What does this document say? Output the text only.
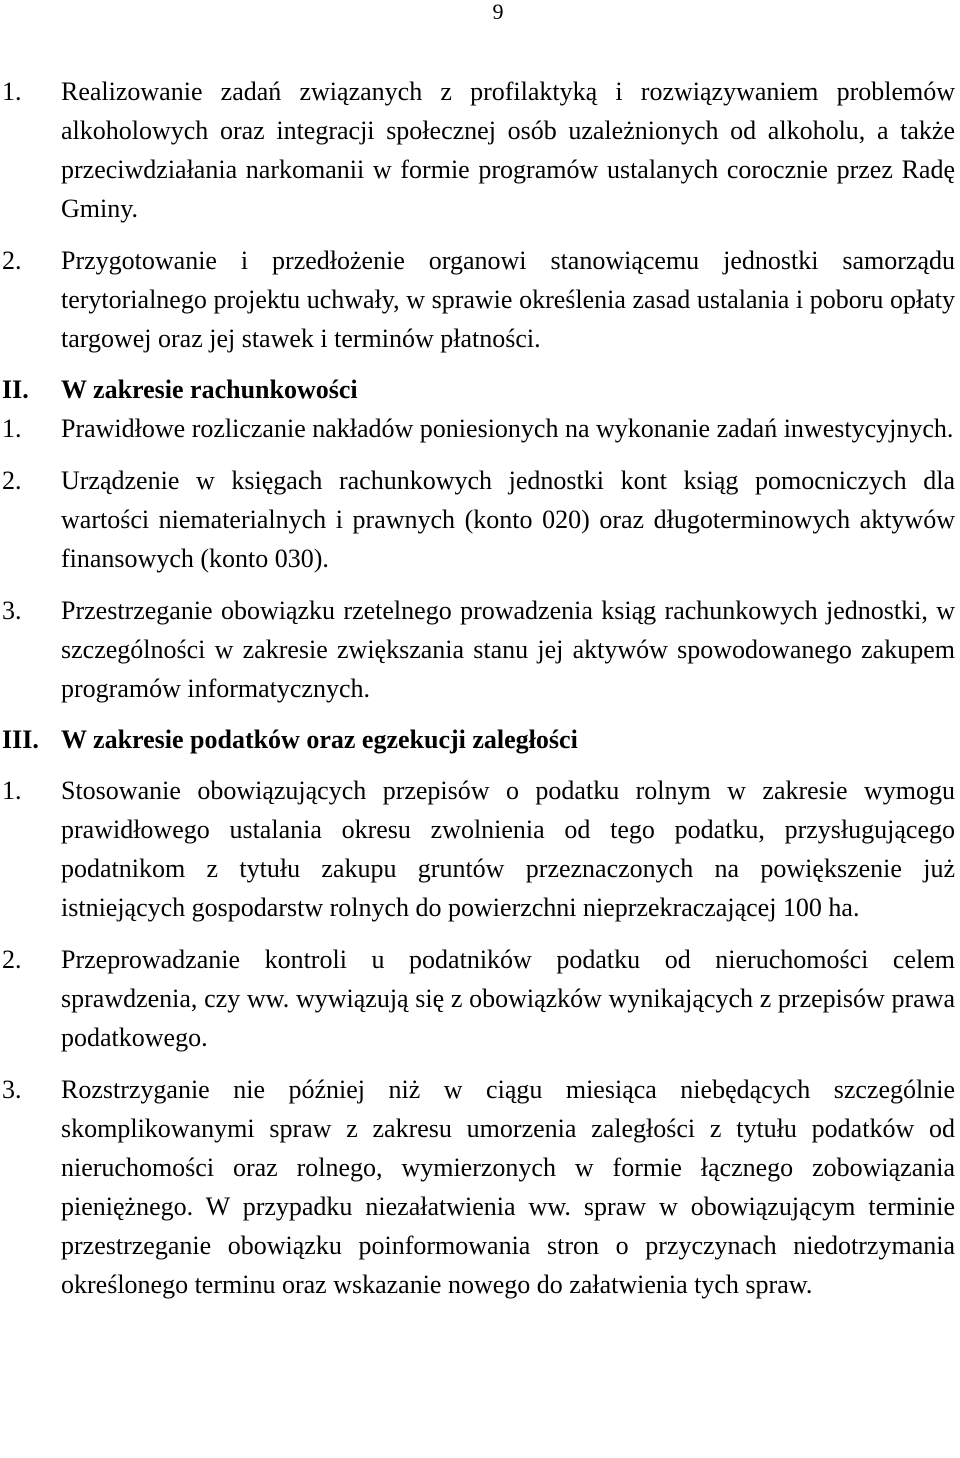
9
1. Realizowanie zadań związanych z profilaktyką i rozwiązywaniem problemów alkoholowych oraz integracji społecznej osób uzależnionych od alkoholu, a także przeciwdziałania narkomanii w formie programów ustalanych corocznie przez Radę Gminy.
2. Przygotowanie i przedłożenie organowi stanowiącemu jednostki samorządu terytorialnego projektu uchwały, w sprawie określenia zasad ustalania i poboru opłaty targowej oraz jej stawek i terminów płatności.
II. W zakresie rachunkowości
1. Prawidłowe rozliczanie nakładów poniesionych na wykonanie zadań inwestycyjnych.
2. Urządzenie w księgach rachunkowych jednostki kont ksiąg pomocniczych dla wartości niematerialnych i prawnych (konto 020) oraz długoterminowych aktywów finansowych (konto 030).
3. Przestrzeganie obowiązku rzetelnego prowadzenia ksiąg rachunkowych jednostki, w szczególności w zakresie zwiększania stanu jej aktywów spowodowanego zakupem programów informatycznych.
III. W zakresie podatków oraz egzekucji zaległości
1. Stosowanie obowiązujących przepisów o podatku rolnym w zakresie wymogu prawidłowego ustalania okresu zwolnienia od tego podatku, przysługującego podatnikom z tytułu zakupu gruntów przeznaczonych na powiększenie już istniejących gospodarstw rolnych do powierzchni nieprzekraczającej 100 ha.
2. Przeprowadzanie kontroli u podatników podatku od nieruchomości celem sprawdzenia, czy ww. wywiązują się z obowiązków wynikających z przepisów prawa podatkowego.
3. Rozstrzyganie nie później niż w ciągu miesiąca niebędących szczególnie skomplikowanymi spraw z zakresu umorzenia zaległości z tytułu podatków od nieruchomości oraz rolnego, wymierzonych w formie łącznego zobowiązania pieniężnego. W przypadku niezałatwienia ww. spraw w obowiązującym terminie przestrzeganie obowiązku poinformowania stron o przyczynach niedotrzymania określonego terminu oraz wskazanie nowego do załatwienia tych spraw.
